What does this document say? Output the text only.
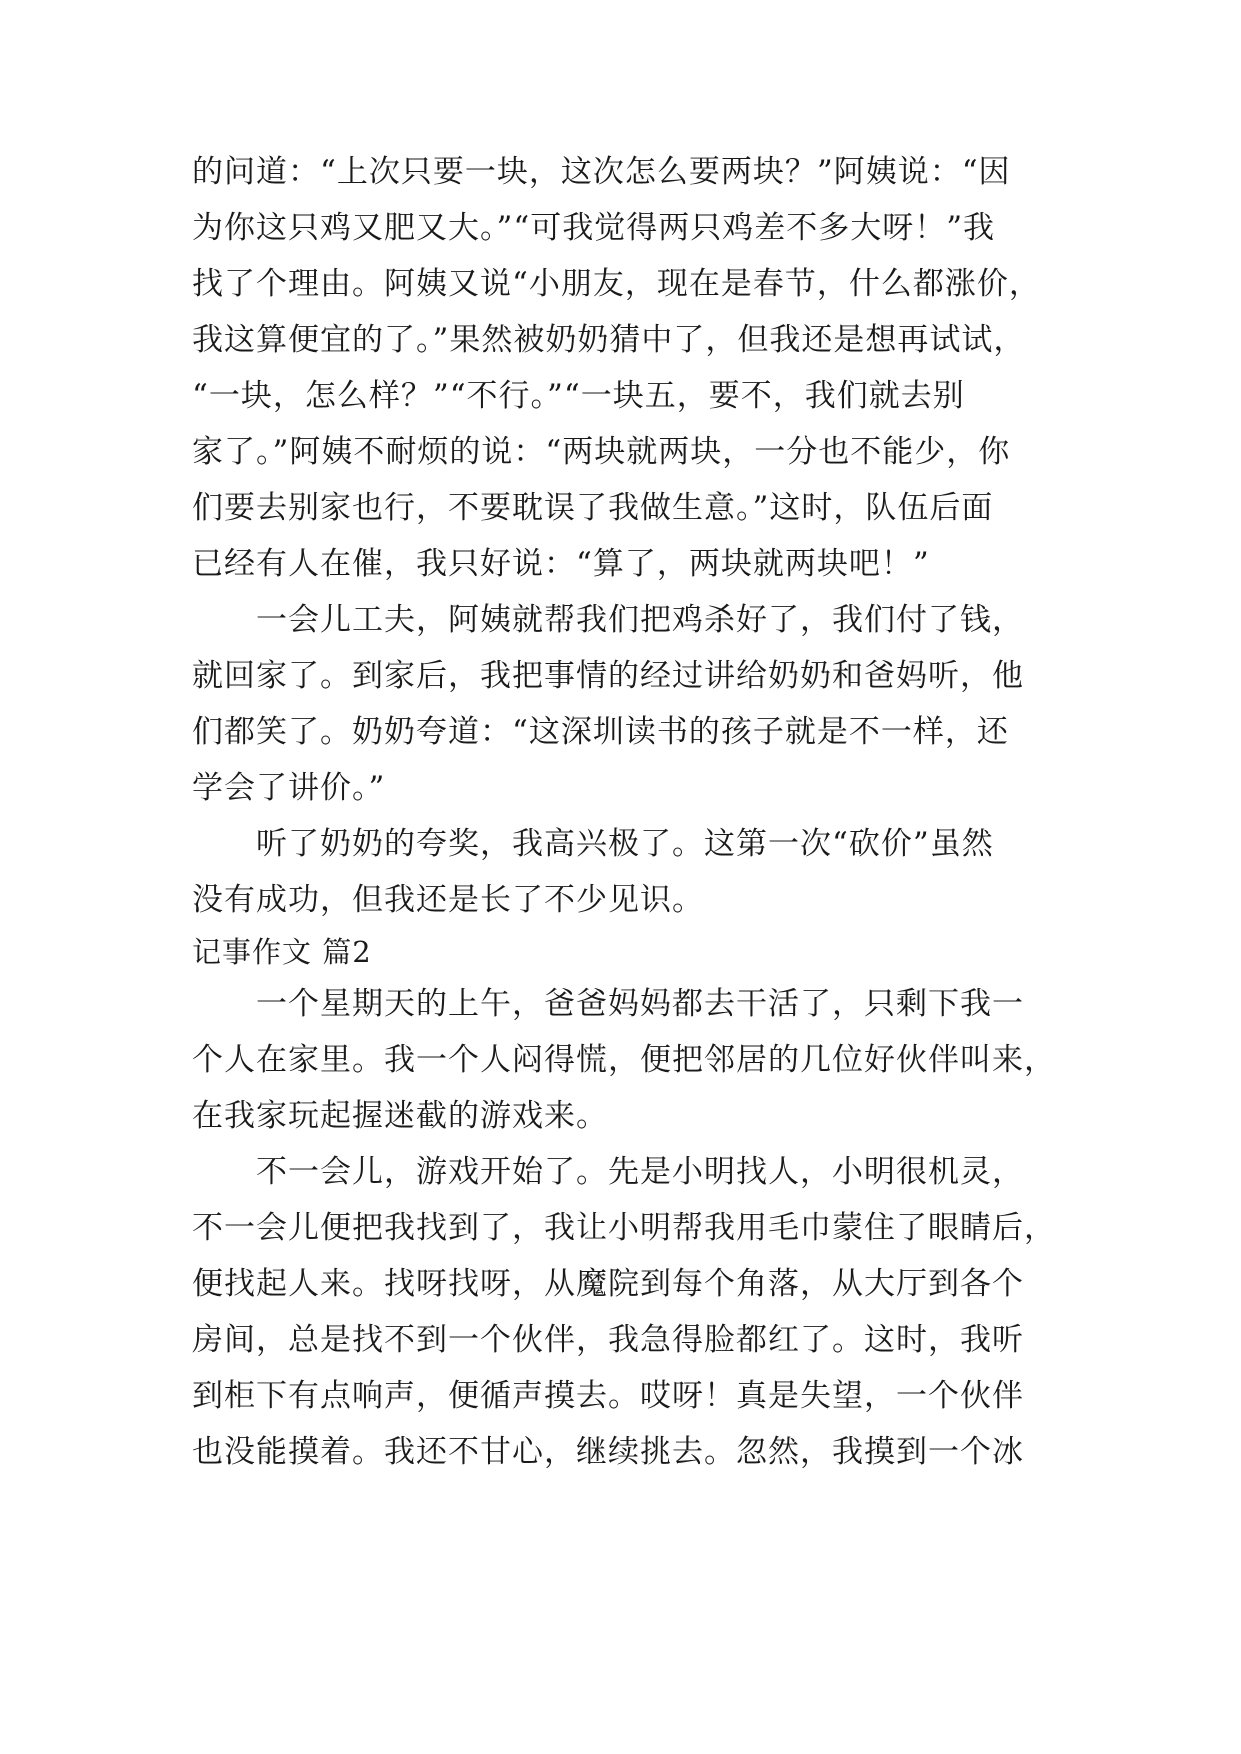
的问道：“上次只要一块，这次怎么要两块？”阿姨说：“因
为你这只鸡又肥又大。”“可我觉得两只鸡差不多大呀！”我
找了个理由。阿姨又说“小朋友，现在是春节，什么都涨价，
我这算便宜的了。”果然被奶奶猜中了，但我还是想再试试，
“一块，怎么样？”“不行。”“一块五，要不，我们就去别
家了。”阿姨不耐烦的说：“两块就两块，一分也不能少，你
们要去别家也行，不要耽误了我做生意。”这时，队伍后面
已经有人在催，我只好说：“算了，两块就两块吧！”
　　一会儿工夫，阿姨就帮我们把鸡杀好了，我们付了钱，
就回家了。到家后，我把事情的经过讲给奶奶和爸妈听，他
们都笑了。奶奶夸道：“这深圳读书的孩子就是不一样，还
学会了讲价。”
　　听了奶奶的夸奖，我高兴极了。这第一次“砍价”虽然
没有成功，但我还是长了不少见识。
记事作文 篇2
　　一个星期天的上午，爸爸妈妈都去干活了，只剩下我一
个人在家里。我一个人闷得慌，便把邻居的几位好伙伴叫来，
在我家玩起握迷截的游戏来。
　　不一会儿，游戏开始了。先是小明找人，小明很机灵，
不一会儿便把我找到了，我让小明帮我用毛巾蒙住了眼睛后，
便找起人来。找呀找呀，从魔院到每个角落，从大厅到各个
房间，总是找不到一个伙伴，我急得脸都红了。这时，我听
到柜下有点响声，便循声摸去。哎呀！真是失望，一个伙伴
也没能摸着。我还不甘心，继续挑去。忽然，我摸到一个冰
